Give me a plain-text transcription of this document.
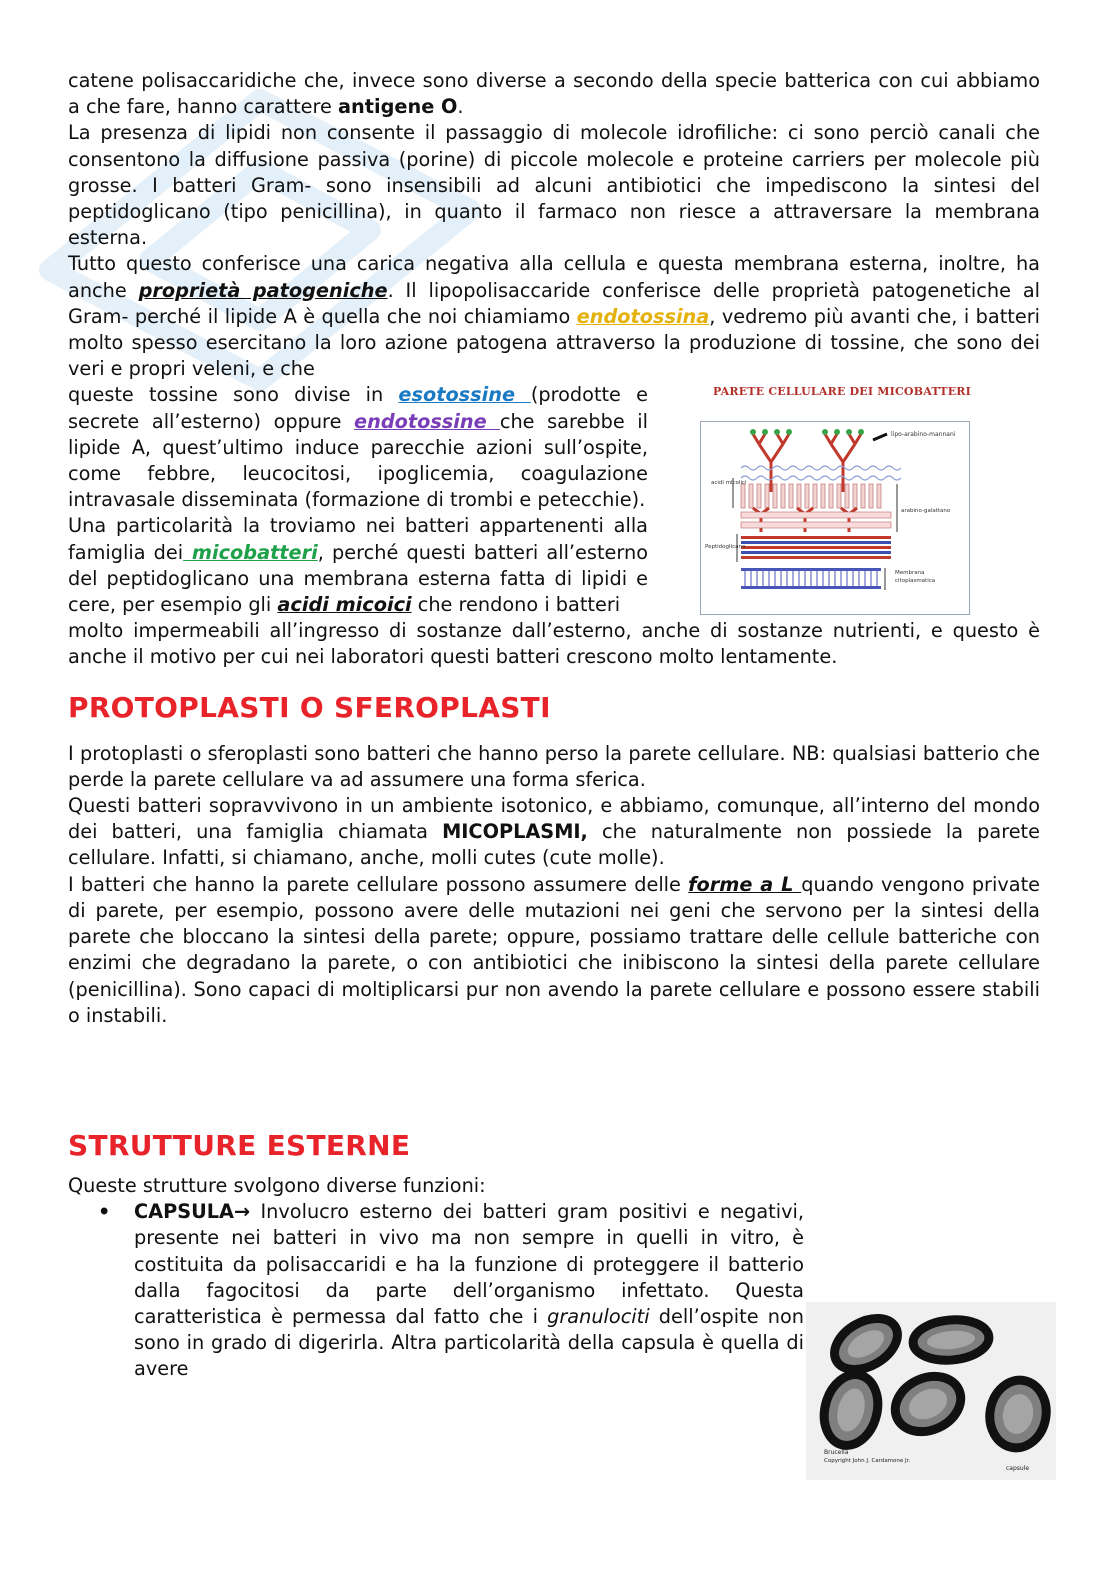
catene polisaccaridiche che, invece sono diverse a secondo della specie batterica con cui abbiamo a che fare, hanno carattere antigene O.

La presenza di lipidi non consente il passaggio di molecole idrofiliche: ci sono perciò canali che consentono la diffusione passiva (porine) di piccole molecole e proteine carriers per molecole più grosse. I batteri Gram- sono insensibili ad alcuni antibiotici che impediscono la sintesi del peptidoglicano (tipo penicillina), in quanto il farmaco non riesce a attraversare la membrana esterna.

Tutto questo conferisce una carica negativa alla cellula e questa membrana esterna, inoltre, ha anche proprietà patogeniche. Il lipopolisaccaride conferisce delle proprietà patogenetiche al Gram- perché il lipide A è quella che noi chiamiamo endotossina, vedremo più avanti che, i batteri molto spesso esercitano la loro azione patogena attraverso la produzione di tossine, che sono dei veri e propri veleni, e che

queste tossine sono divise in esotossine (prodotte e secrete all’esterno) oppure endotossine che sarebbe il lipide A, quest’ultimo induce parecchie azioni sull’ospite, come febbre, leucocitosi, ipoglicemia, coagulazione intravasale disseminata (formazione di trombi e petecchie).

Una particolarità la troviamo nei batteri appartenenti alla famiglia dei micobatteri, perché questi batteri all’esterno del peptidoglicano una membrana esterna fatta di lipidi e cere, per esempio gli acidi micoici che rendono i batteri

molto impermeabili all’ingresso di sostanze dall’esterno, anche di sostanze nutrienti, e questo è anche il motivo per cui nei laboratori questi batteri crescono molto lentamente.

PROTOPLASTI O SFEROPLASTI

I protoplasti o sferoplasti sono batteri che hanno perso la parete cellulare. NB: qualsiasi batterio che perde la parete cellulare va ad assumere una forma sferica.

Questi batteri sopravvivono in un ambiente isotonico, e abbiamo, comunque, all’interno del mondo dei batteri, una famiglia chiamata MICOPLASMI, che naturalmente non possiede la parete cellulare. Infatti, si chiamano, anche, molli cutes (cute molle).

I batteri che hanno la parete cellulare possono assumere delle forme a L quando vengono private di parete, per esempio, possono avere delle mutazioni nei geni che servono per la sintesi della parete che bloccano la sintesi della parete; oppure, possiamo trattare delle cellule batteriche con enzimi che degradano la parete, o con antibiotici che inibiscono la sintesi della parete cellulare (penicillina). Sono capaci di moltiplicarsi pur non avendo la parete cellulare e possono essere stabili o instabili.

STRUTTURE ESTERNE

Queste strutture svolgono diverse funzioni:

• CAPSULA→ Involucro esterno dei batteri gram positivi e negativi, presente nei batteri in vivo ma non sempre in quelli in vitro, è costituita da polisaccaridi e ha la funzione di proteggere il batterio dalla fagocitosi da parte dell’organismo infettato. Questa caratteristica è permessa dal fatto che i granulociti dell’ospite non sono in grado di digerirla. Altra particolarità della capsula è quella di avere

PARETE CELLULARE DEI MICOBATTERI
lipo-arabino-mannani
acidi micolici
arabino-galattano
Peptidoglicano
Membrana
citoplasmatica
Brucella
Copyright John J. Cardamone Jr.
capsule
